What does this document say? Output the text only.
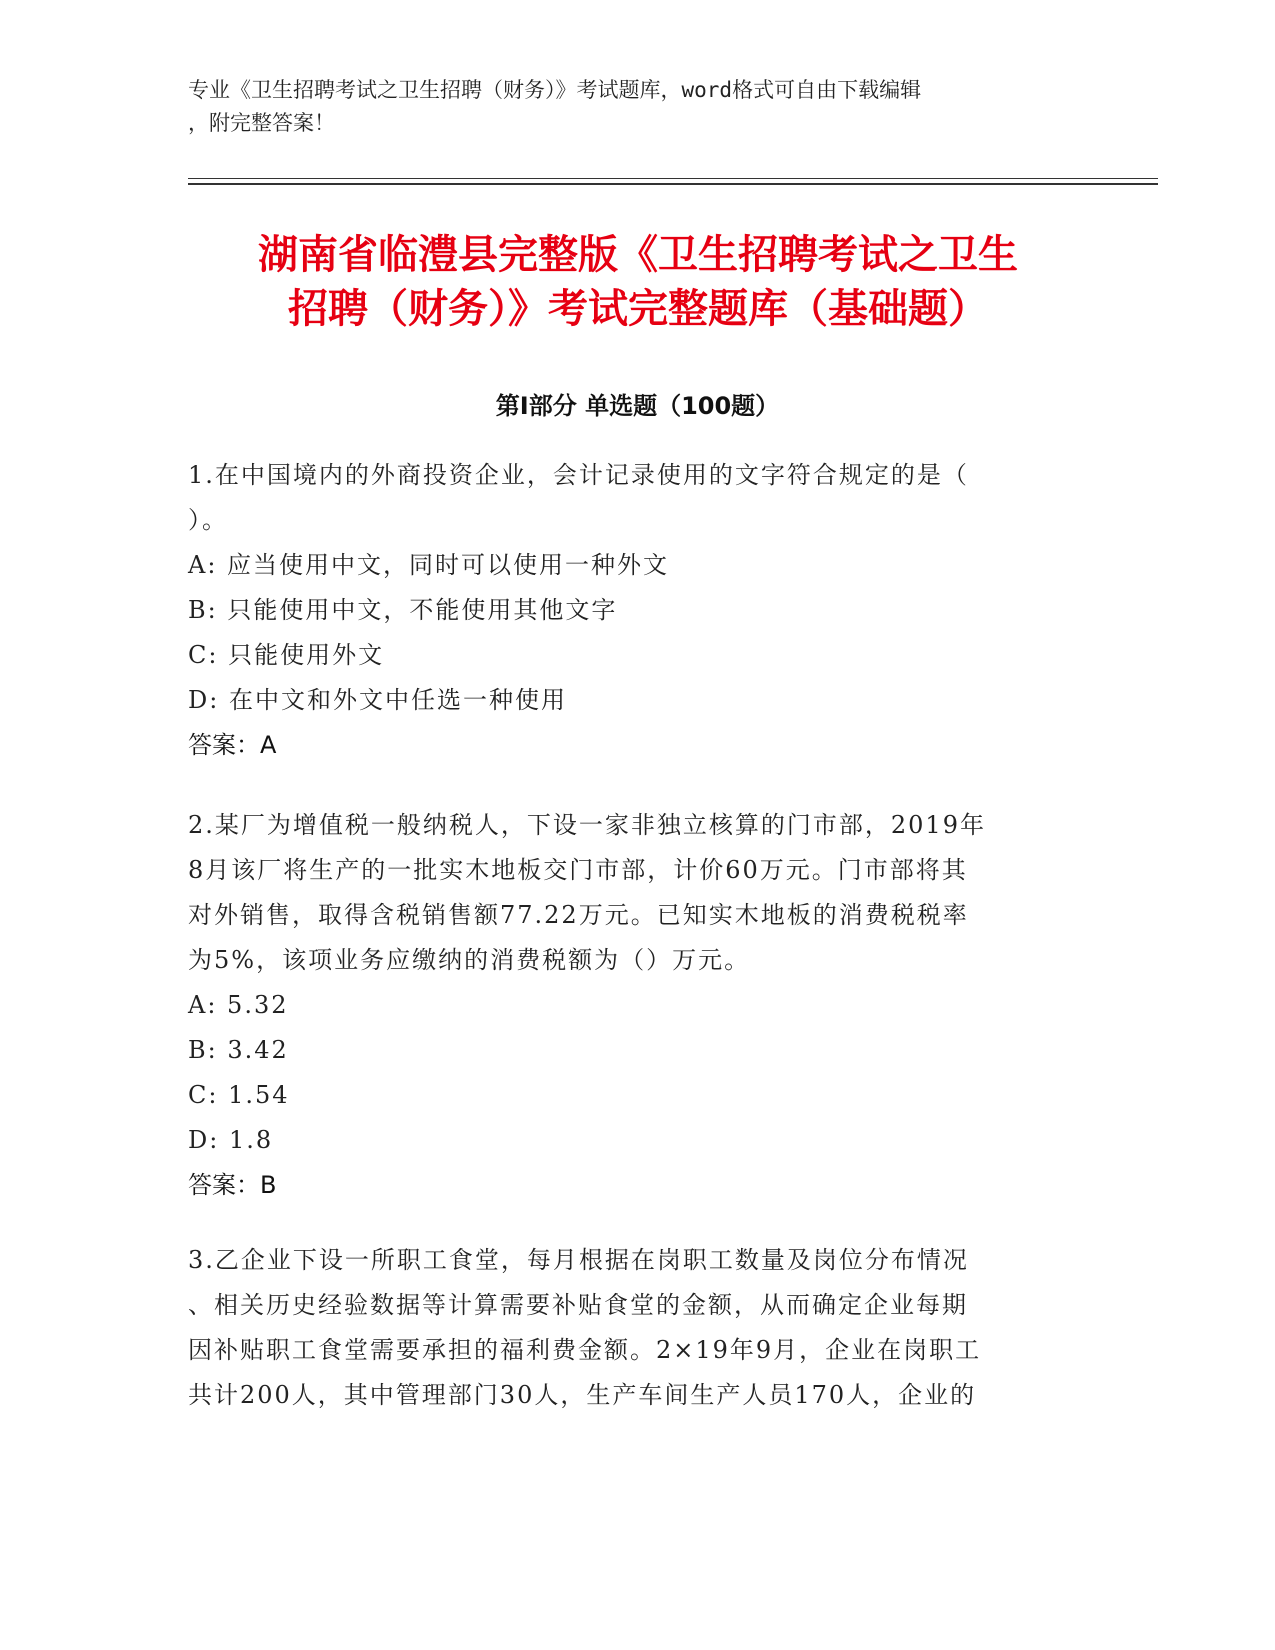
专业《卫生招聘考试之卫生招聘（财务）》考试题库，word格式可自由下载编辑
，附完整答案！
湖南省临澧县完整版《卫生招聘考试之卫生
招聘（财务）》考试完整题库（基础题）
第Ⅰ部分 单选题（100题）
1.在中国境内的外商投资企业，会计记录使用的文字符合规定的是（
）。
A: 应当使用中文，同时可以使用一种外文
B: 只能使用中文，不能使用其他文字
C: 只能使用外文
D: 在中文和外文中任选一种使用
答案：A
2.某厂为增值税一般纳税人，下设一家非独立核算的门市部，2019年
8月该厂将生产的一批实木地板交门市部，计价60万元。门市部将其
对外销售，取得含税销售额77.22万元。已知实木地板的消费税税率
为5%，该项业务应缴纳的消费税额为（）万元。
A: 5.32
B: 3.42
C: 1.54
D: 1.8
答案：B
3.乙企业下设一所职工食堂，每月根据在岗职工数量及岗位分布情况
、相关历史经验数据等计算需要补贴食堂的金额，从而确定企业每期
因补贴职工食堂需要承担的福利费金额。2×19年9月，企业在岗职工
共计200人，其中管理部门30人，生产车间生产人员170人，企业的
